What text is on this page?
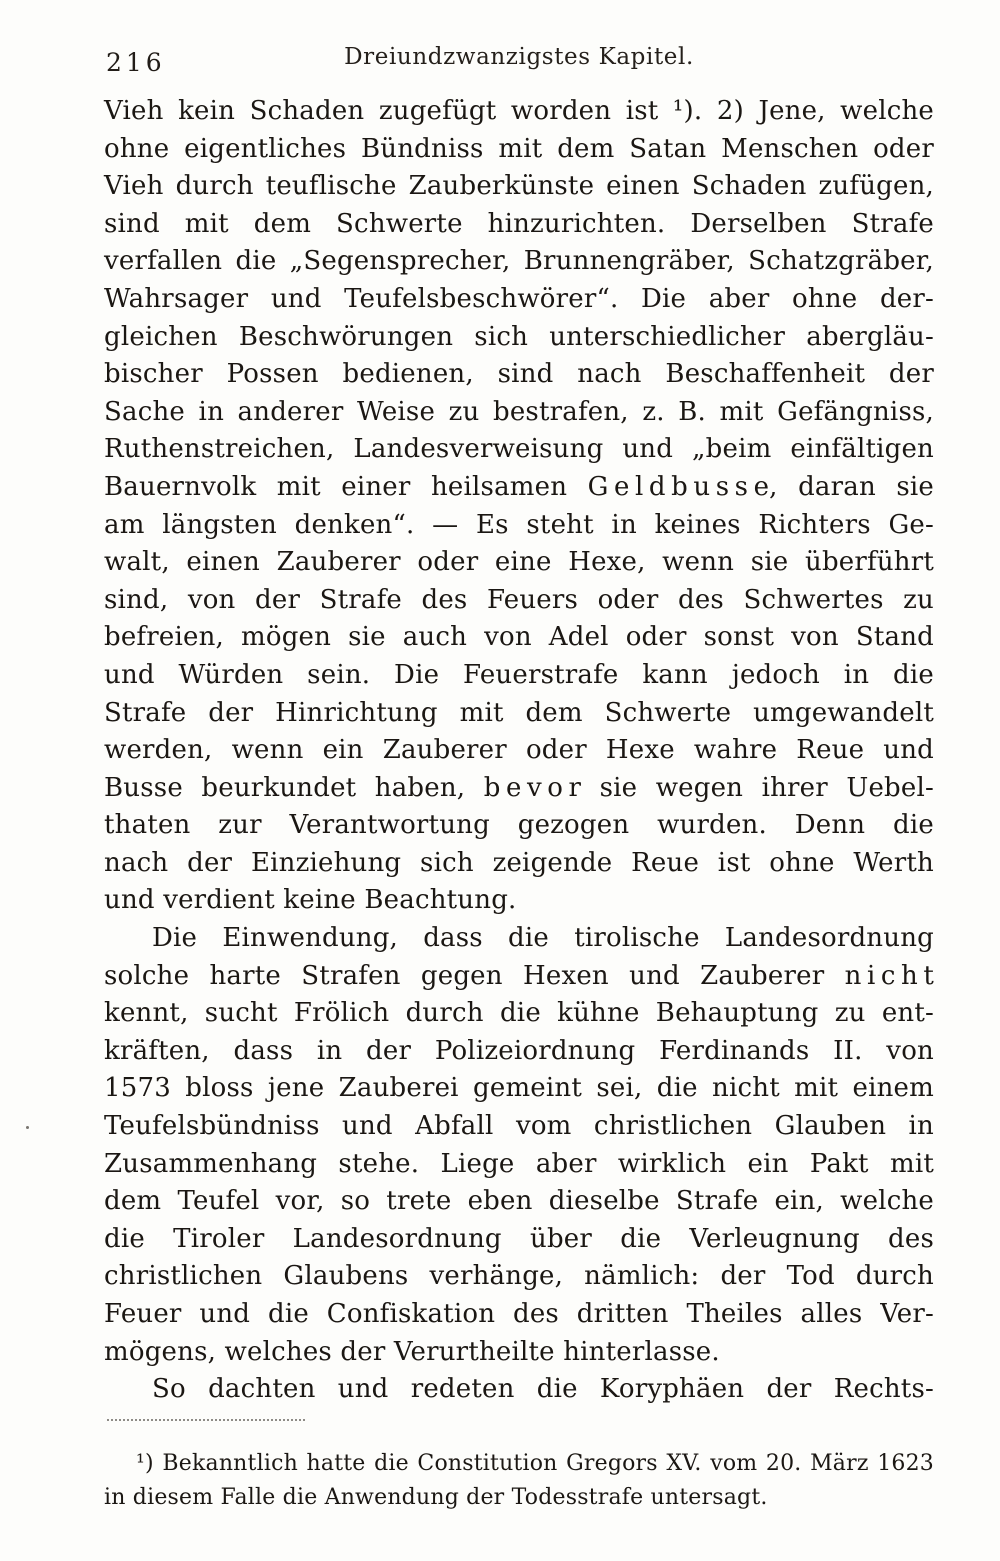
216	Dreiundzwanzigstes Kapitel.
Vieh kein Schaden zugefügt worden ist ¹). 2) Jene, welche
ohne eigentliches Bündniss mit dem Satan Menschen oder
Vieh durch teuflische Zauberkünste einen Schaden zufügen,
sind mit dem Schwerte hinzurichten. Derselben Strafe
verfallen die „Segensprecher, Brunnengräber, Schatzgräber,
Wahrsager und Teufelsbeschwörer“. Die aber ohne der-
gleichen Beschwörungen sich unterschiedlicher abergläu-
bischer Possen bedienen, sind nach Beschaffenheit der
Sache in anderer Weise zu bestrafen, z. B. mit Gefängniss,
Ruthenstreichen, Landesverweisung und „beim einfältigen
Bauernvolk mit einer heilsamen G e l d b u s s e, daran sie
am längsten denken“. — Es steht in keines Richters Ge-
walt, einen Zauberer oder eine Hexe, wenn sie überführt
sind, von der Strafe des Feuers oder des Schwertes zu
befreien, mögen sie auch von Adel oder sonst von Stand
und Würden sein. Die Feuerstrafe kann jedoch in die
Strafe der Hinrichtung mit dem Schwerte umgewandelt
werden, wenn ein Zauberer oder Hexe wahre Reue und
Busse beurkundet haben, b e v o r sie wegen ihrer Uebel-
thaten zur Verantwortung gezogen wurden. Denn die
nach der Einziehung sich zeigende Reue ist ohne Werth
und verdient keine Beachtung.
Die Einwendung, dass die tirolische Landesordnung
solche harte Strafen gegen Hexen und Zauberer n i c h t
kennt, sucht Frölich durch die kühne Behauptung zu ent-
kräften, dass in der Polizeiordnung Ferdinands II. von
1573 bloss jene Zauberei gemeint sei, die nicht mit einem
Teufelsbündniss und Abfall vom christlichen Glauben in
Zusammenhang stehe. Liege aber wirklich ein Pakt mit
dem Teufel vor, so trete eben dieselbe Strafe ein, welche
die Tiroler Landesordnung über die Verleugnung des
christlichen Glaubens verhänge, nämlich: der Tod durch
Feuer und die Confiskation des dritten Theiles alles Ver-
mögens, welches der Verurtheilte hinterlasse.
So dachten und redeten die Koryphäen der Rechts-
¹) Bekanntlich hatte die Constitution Gregors XV. vom 20. März 1623
in diesem Falle die Anwendung der Todesstrafe untersagt.
